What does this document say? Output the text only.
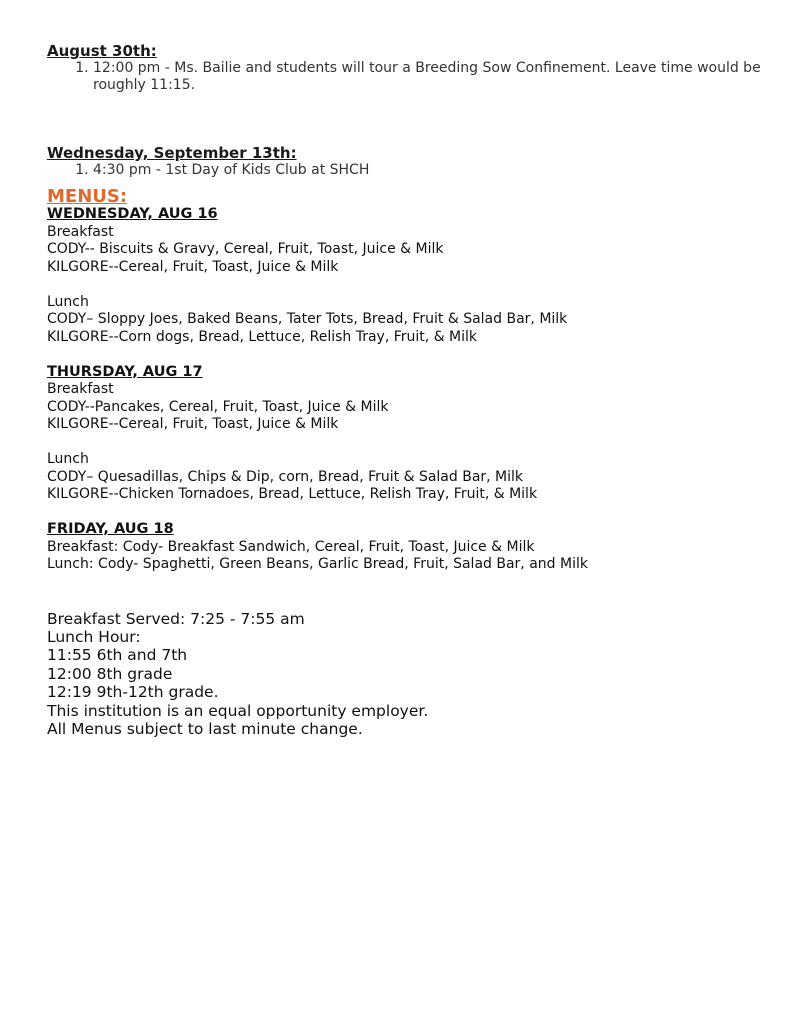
August 30th:
1. 12:00 pm - Ms. Bailie and students will tour a Breeding Sow Confinement. Leave time would be roughly 11:15.
Wednesday, September 13th:
1. 4:30 pm - 1st Day of Kids Club at SHCH
MENUS:
WEDNESDAY, AUG 16

Breakfast

CODY-- Biscuits & Gravy, Cereal, Fruit, Toast, Juice & Milk

KILGORE--Cereal, Fruit, Toast, Juice & Milk

Lunch

CODY– Sloppy Joes, Baked Beans, Tater Tots, Bread, Fruit & Salad Bar, Milk

KILGORE--Corn dogs, Bread, Lettuce, Relish Tray, Fruit, & Milk

THURSDAY, AUG 17

Breakfast

CODY--Pancakes, Cereal, Fruit, Toast, Juice & Milk

KILGORE--Cereal, Fruit, Toast, Juice & Milk

Lunch

CODY– Quesadillas, Chips & Dip, corn, Bread, Fruit & Salad Bar, Milk

KILGORE--Chicken Tornadoes, Bread, Lettuce, Relish Tray, Fruit, & Milk

FRIDAY, AUG 18

Breakfast: Cody- Breakfast Sandwich, Cereal, Fruit, Toast, Juice & Milk

Lunch: Cody- Spaghetti, Green Beans, Garlic Bread, Fruit, Salad Bar, and Milk

Breakfast Served: 7:25 - 7:55 am

Lunch Hour:

11:55 6th and 7th

12:00 8th grade

12:19 9th-12th grade.

This institution is an equal opportunity employer.

All Menus subject to last minute change.
